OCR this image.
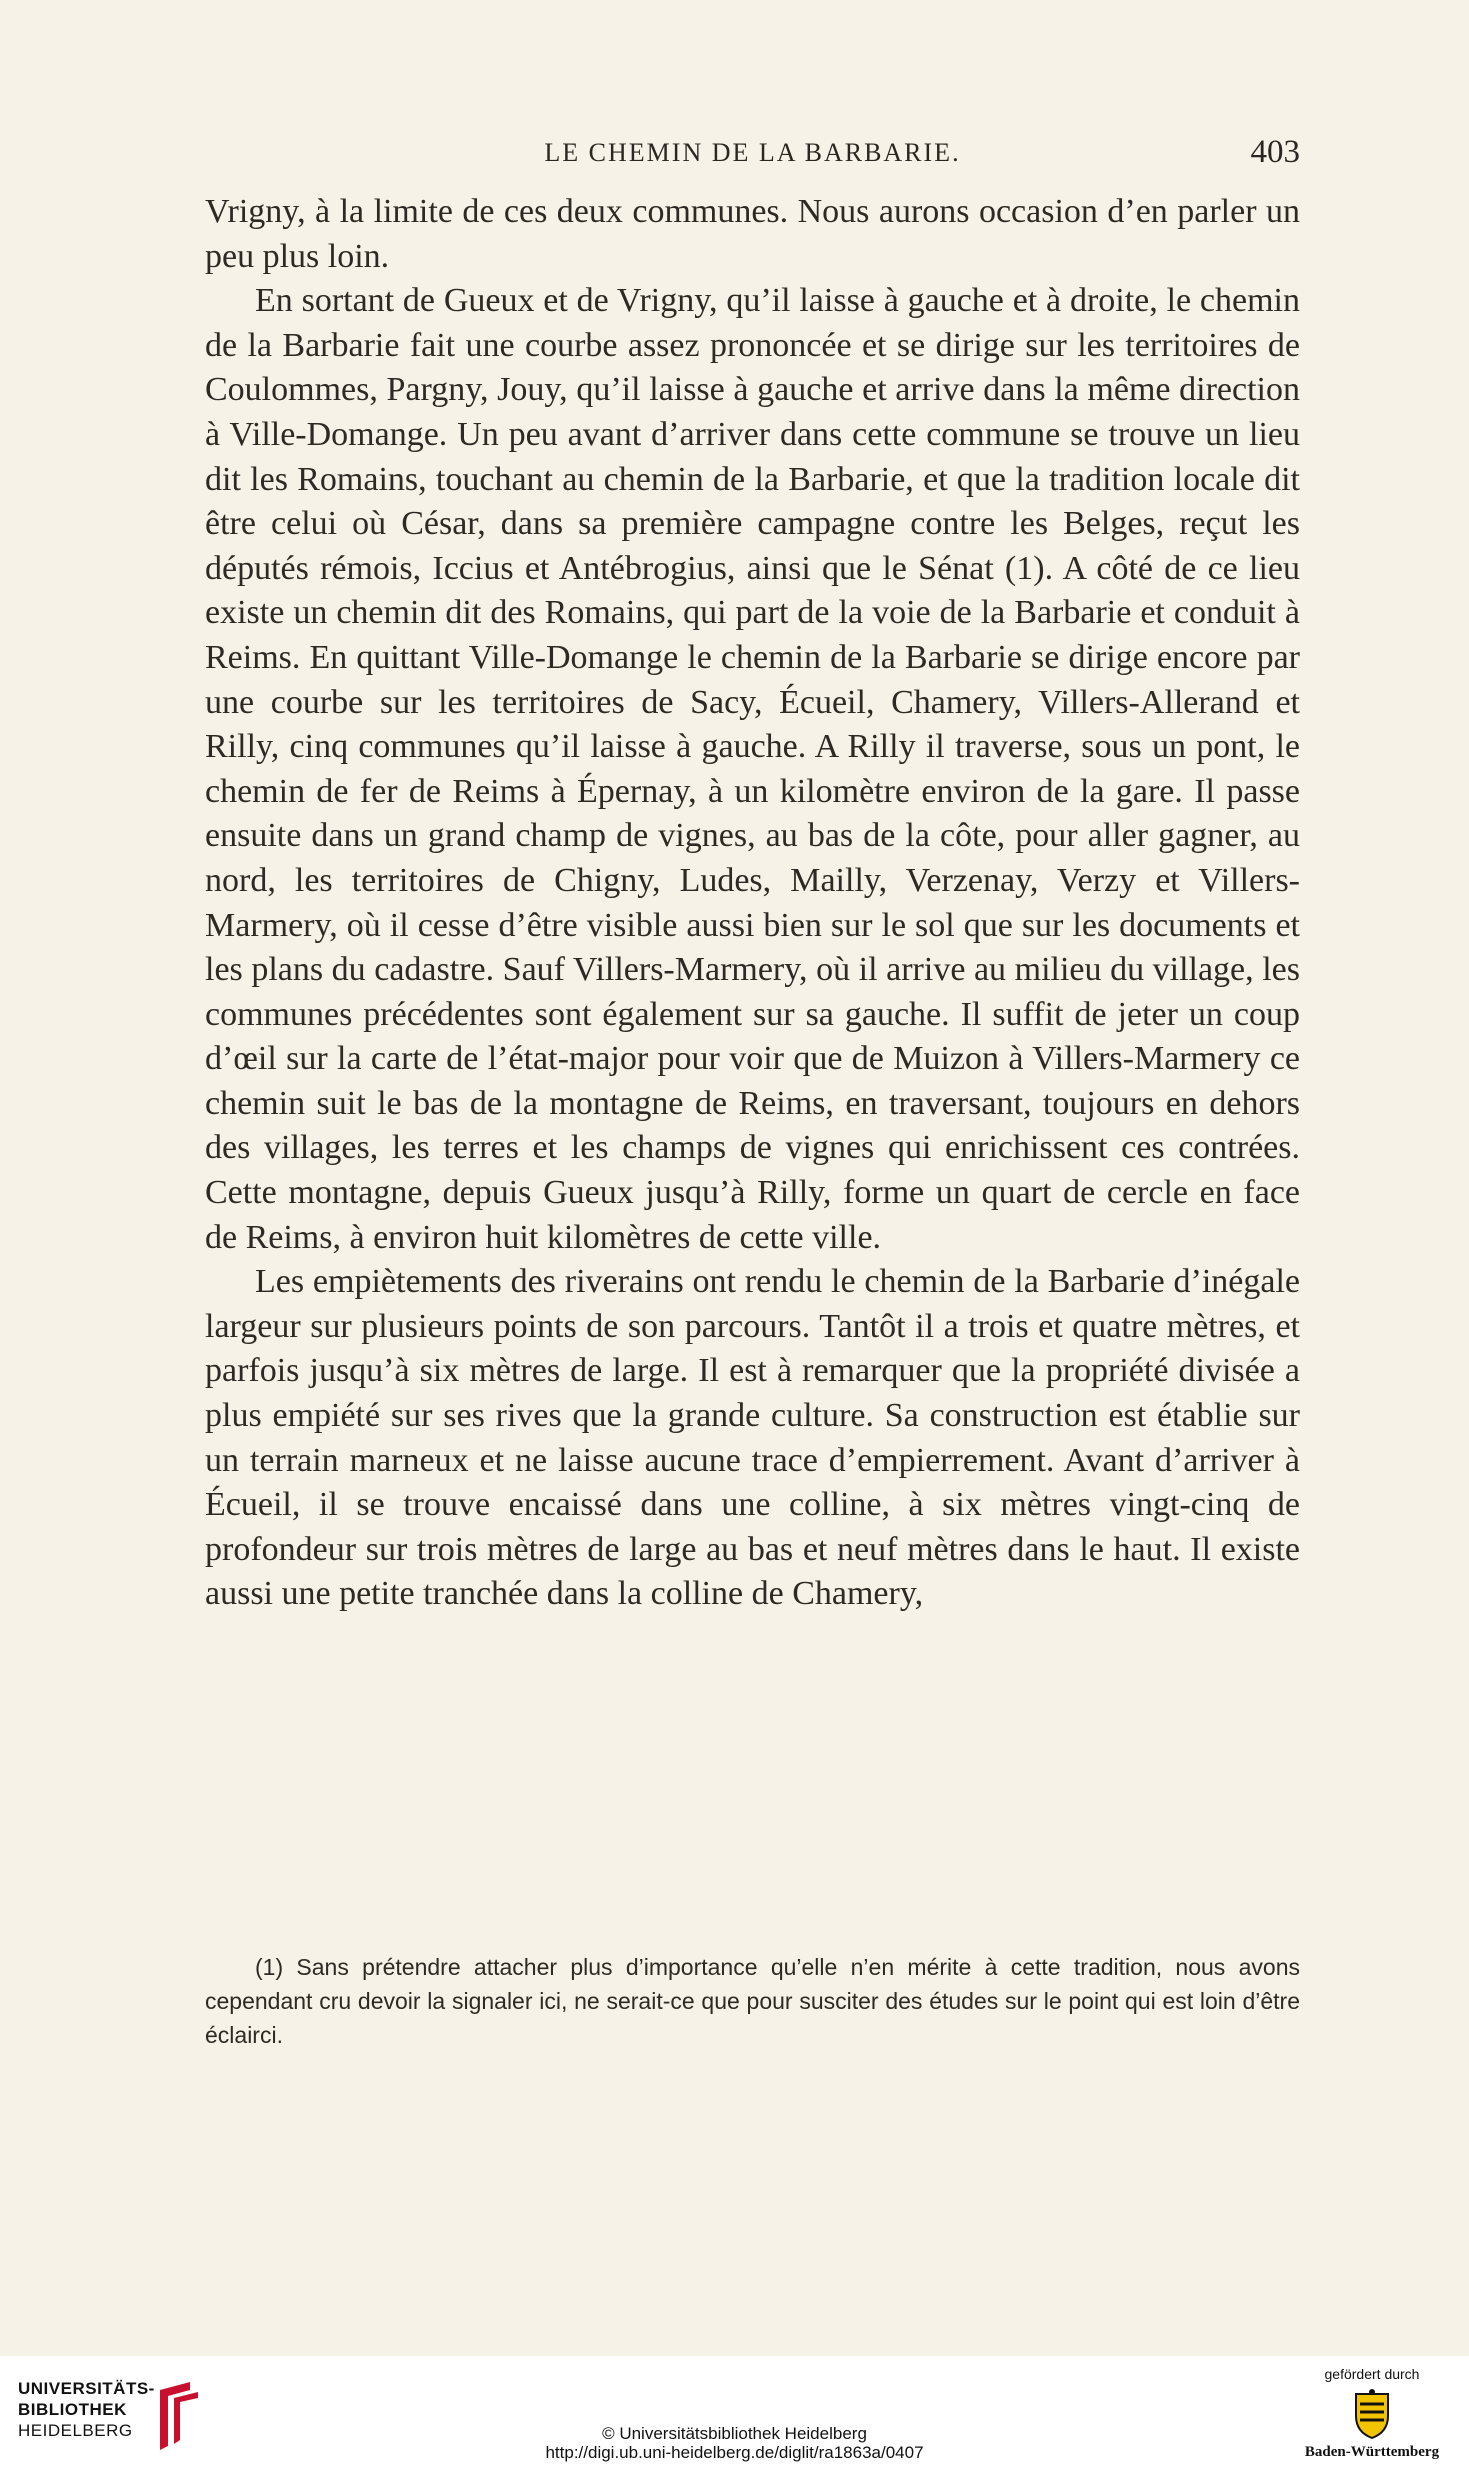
LE CHEMIN DE LA BARBARIE.	403

Vrigny, à la limite de ces deux communes. Nous aurons occasion d’en parler un peu plus loin.

En sortant de Gueux et de Vrigny, qu’il laisse à gauche et à droite, le chemin de la Barbarie fait une courbe assez prononcée et se dirige sur les territoires de Coulommes, Pargny, Jouy, qu’il laisse à gauche et arrive dans la même direction à Ville-Domange. Un peu avant d’arriver dans cette commune se trouve un lieu dit les Romains, touchant au chemin de la Barbarie, et que la tradition locale dit être celui où César, dans sa première campagne contre les Belges, reçut les députés rémois, Iccius et Antébrogius, ainsi que le Sénat (1). A côté de ce lieu existe un chemin dit des Romains, qui part de la voie de la Barbarie et conduit à Reims. En quittant Ville-Domange le chemin de la Barbarie se dirige encore par une courbe sur les territoires de Sacy, Écueil, Chamery, Villers-Allerand et Rilly, cinq communes qu’il laisse à gauche. A Rilly il traverse, sous un pont, le chemin de fer de Reims à Épernay, à un kilomètre environ de la gare. Il passe ensuite dans un grand champ de vignes, au bas de la côte, pour aller gagner, au nord, les territoires de Chigny, Ludes, Mailly, Verzenay, Verzy et Villers-Marmery, où il cesse d’être visible aussi bien sur le sol que sur les documents et les plans du cadastre. Sauf Villers-Marmery, où il arrive au milieu du village, les communes précédentes sont également sur sa gauche. Il suffit de jeter un coup d’œil sur la carte de l’état-major pour voir que de Muizon à Villers-Marmery ce chemin suit le bas de la montagne de Reims, en traversant, toujours en dehors des villages, les terres et les champs de vignes qui enrichissent ces contrées. Cette montagne, depuis Gueux jusqu’à Rilly, forme un quart de cercle en face de Reims, à environ huit kilomètres de cette ville.

Les empiètements des riverains ont rendu le chemin de la Barbarie d’inégale largeur sur plusieurs points de son parcours. Tantôt il a trois et quatre mètres, et parfois jusqu’à six mètres de large. Il est à remarquer que la propriété divisée a plus empiété sur ses rives que la grande culture. Sa construction est établie sur un terrain marneux et ne laisse aucune trace d’empierrement. Avant d’arriver à Écueil, il se trouve encaissé dans une colline, à six mètres vingt-cinq de profondeur sur trois mètres de large au bas et neuf mètres dans le haut. Il existe aussi une petite tranchée dans la colline de Chamery,

(1) Sans prétendre attacher plus d’importance qu’elle n’en mérite à cette tradition, nous avons cependant cru devoir la signaler ici, ne serait-ce que pour susciter des études sur le point qui est loin d’être éclairci.
UNIVERSITÄTS-
BIBLIOTHEK
HEIDELBERG	© Universitätsbibliothek Heidelberg
http://digi.ub.uni-heidelberg.de/diglit/ra1863a/0407
gefördert durch
Baden-Württemberg
